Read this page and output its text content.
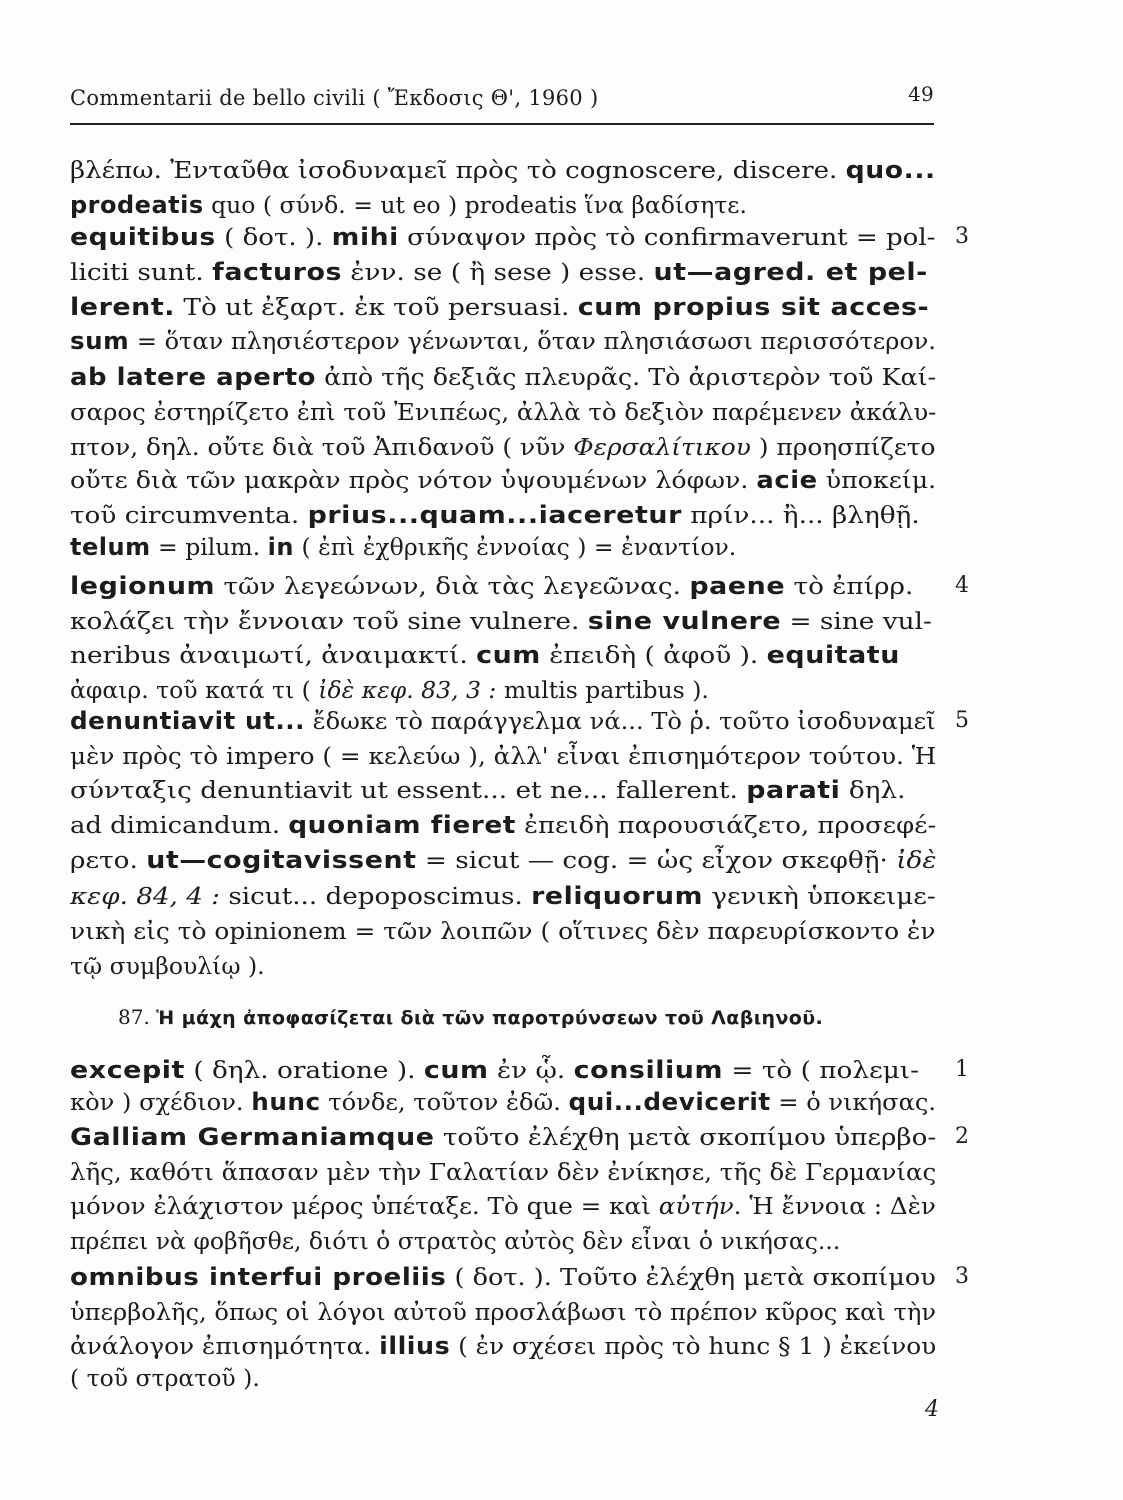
Commentarii de bello civili ( Ἔκδοσις Θ', 1960 )	49
βλέπω. Ἐνταῦθα ἰσοδυναμεῖ πρὸς τὸ cognoscere, discere. quo...
prodeatis quo ( σύνδ. = ut eo ) prodeatis ἵνα βαδίσητε.
equitibus ( δοτ. ). mihi σύναψον πρὸς τὸ confirmaverunt = pol-
liciti sunt. facturos ἐνν. se ( ἢ sese ) esse. ut—agred. et pel-
lerent. Τὸ ut ἐξαρτ. ἐκ τοῦ persuasi. cum propius sit acces-
sum = ὅταν πλησιέστερον γένωνται, ὅταν πλησιάσωσι περισσότερον.
ab latere aperto ἀπὸ τῆς δεξιᾶς πλευρᾶς. Τὸ ἀριστερὸν τοῦ Καί-
σαρος ἐστηρίζετο ἐπὶ τοῦ Ἐνιπέως, ἀλλὰ τὸ δεξιὸν παρέμενεν ἀκάλυ-
πτον, δηλ. οὔτε διὰ τοῦ Ἀπιδανοῦ ( νῦν Φερσαλίτικου ) προησπίζετο
οὔτε διὰ τῶν μακρὰν πρὸς νότον ὑψουμένων λόφων. acie ὑποκείμ.
τοῦ circumventa. prius...quam...iaceretur πρίν... ἢ... βληθῇ.
telum = pilum. in ( ἐπὶ ἐχθρικῆς ἐννοίας ) = ἐναντίον.
legionum τῶν λεγεώνων, διὰ τὰς λεγεῶνας. paene τὸ ἐπίρρ.
κολάζει τὴν ἔννοιαν τοῦ sine vulnere. sine vulnere = sine vul-
neribus ἀναιμωτί, ἀναιμακτί. cum ἐπειδὴ ( ἀφοῦ ). equitatu
ἀφαιρ. τοῦ κατά τι ( ἰδὲ κεφ. 83, 3 : multis partibus ).
denuntiavit ut... ἔδωκε τὸ παράγγελμα νά... Τὸ ῥ. τοῦτο ἰσοδυναμεῖ
μὲν πρὸς τὸ impero ( = κελεύω ), ἀλλ' εἶναι ἐπισημότερον τούτου. Ἡ
σύνταξις denuntiavit ut essent... et ne... fallerent. parati δηλ.
ad dimicandum. quoniam fieret ἐπειδὴ παρουσιάζετο, προσεφέ-
ρετο. ut—cogitavissent = sicut — cog. = ὡς εἶχον σκεφθῇ· ἰδὲ
κεφ. 84, 4 : sicut... depoposcimus. reliquorum γενικὴ ὑποκειμε-
νικὴ εἰς τὸ opinionem = τῶν λοιπῶν ( οἵτινες δὲν παρευρίσκοντο ἐν
τῷ συμβουλίῳ ).
87. Ἡ μάχη ἀποφασίζεται διὰ τῶν παροτρύνσεων τοῦ Λαβιηνοῦ.
excepit ( δηλ. oratione ). cum ἐν ᾧ. consilium = τὸ ( πολεμι-
κὸν ) σχέδιον. hunc τόνδε, τοῦτον ἐδῶ. qui...devicerit = ὁ νικήσας.
Galliam Germaniamque τοῦτο ἐλέχθη μετὰ σκοπίμου ὑπερβο-
λῆς, καθότι ἅπασαν μὲν τὴν Γαλατίαν δὲν ἐνίκησε, τῆς δὲ Γερμανίας
μόνον ἐλάχιστον μέρος ὑπέταξε. Τὸ que = καὶ αὐτήν. Ἡ ἔννοια : Δὲν
πρέπει νὰ φοβῆσθε, διότι ὁ στρατὸς αὐτὸς δὲν εἶναι ὁ νικήσας...
omnibus interfui proeliis ( δοτ. ). Τοῦτο ἐλέχθη μετὰ σκοπίμου
ὑπερβολῆς, ὅπως οἱ λόγοι αὐτοῦ προσλάβωσι τὸ πρέπον κῦρος καὶ τὴν
ἀνάλογον ἐπισημότητα. illius ( ἐν σχέσει πρὸς τὸ hunc § 1 ) ἐκείνου
( τοῦ στρατοῦ ).
3
4
5
1
2
3
4
